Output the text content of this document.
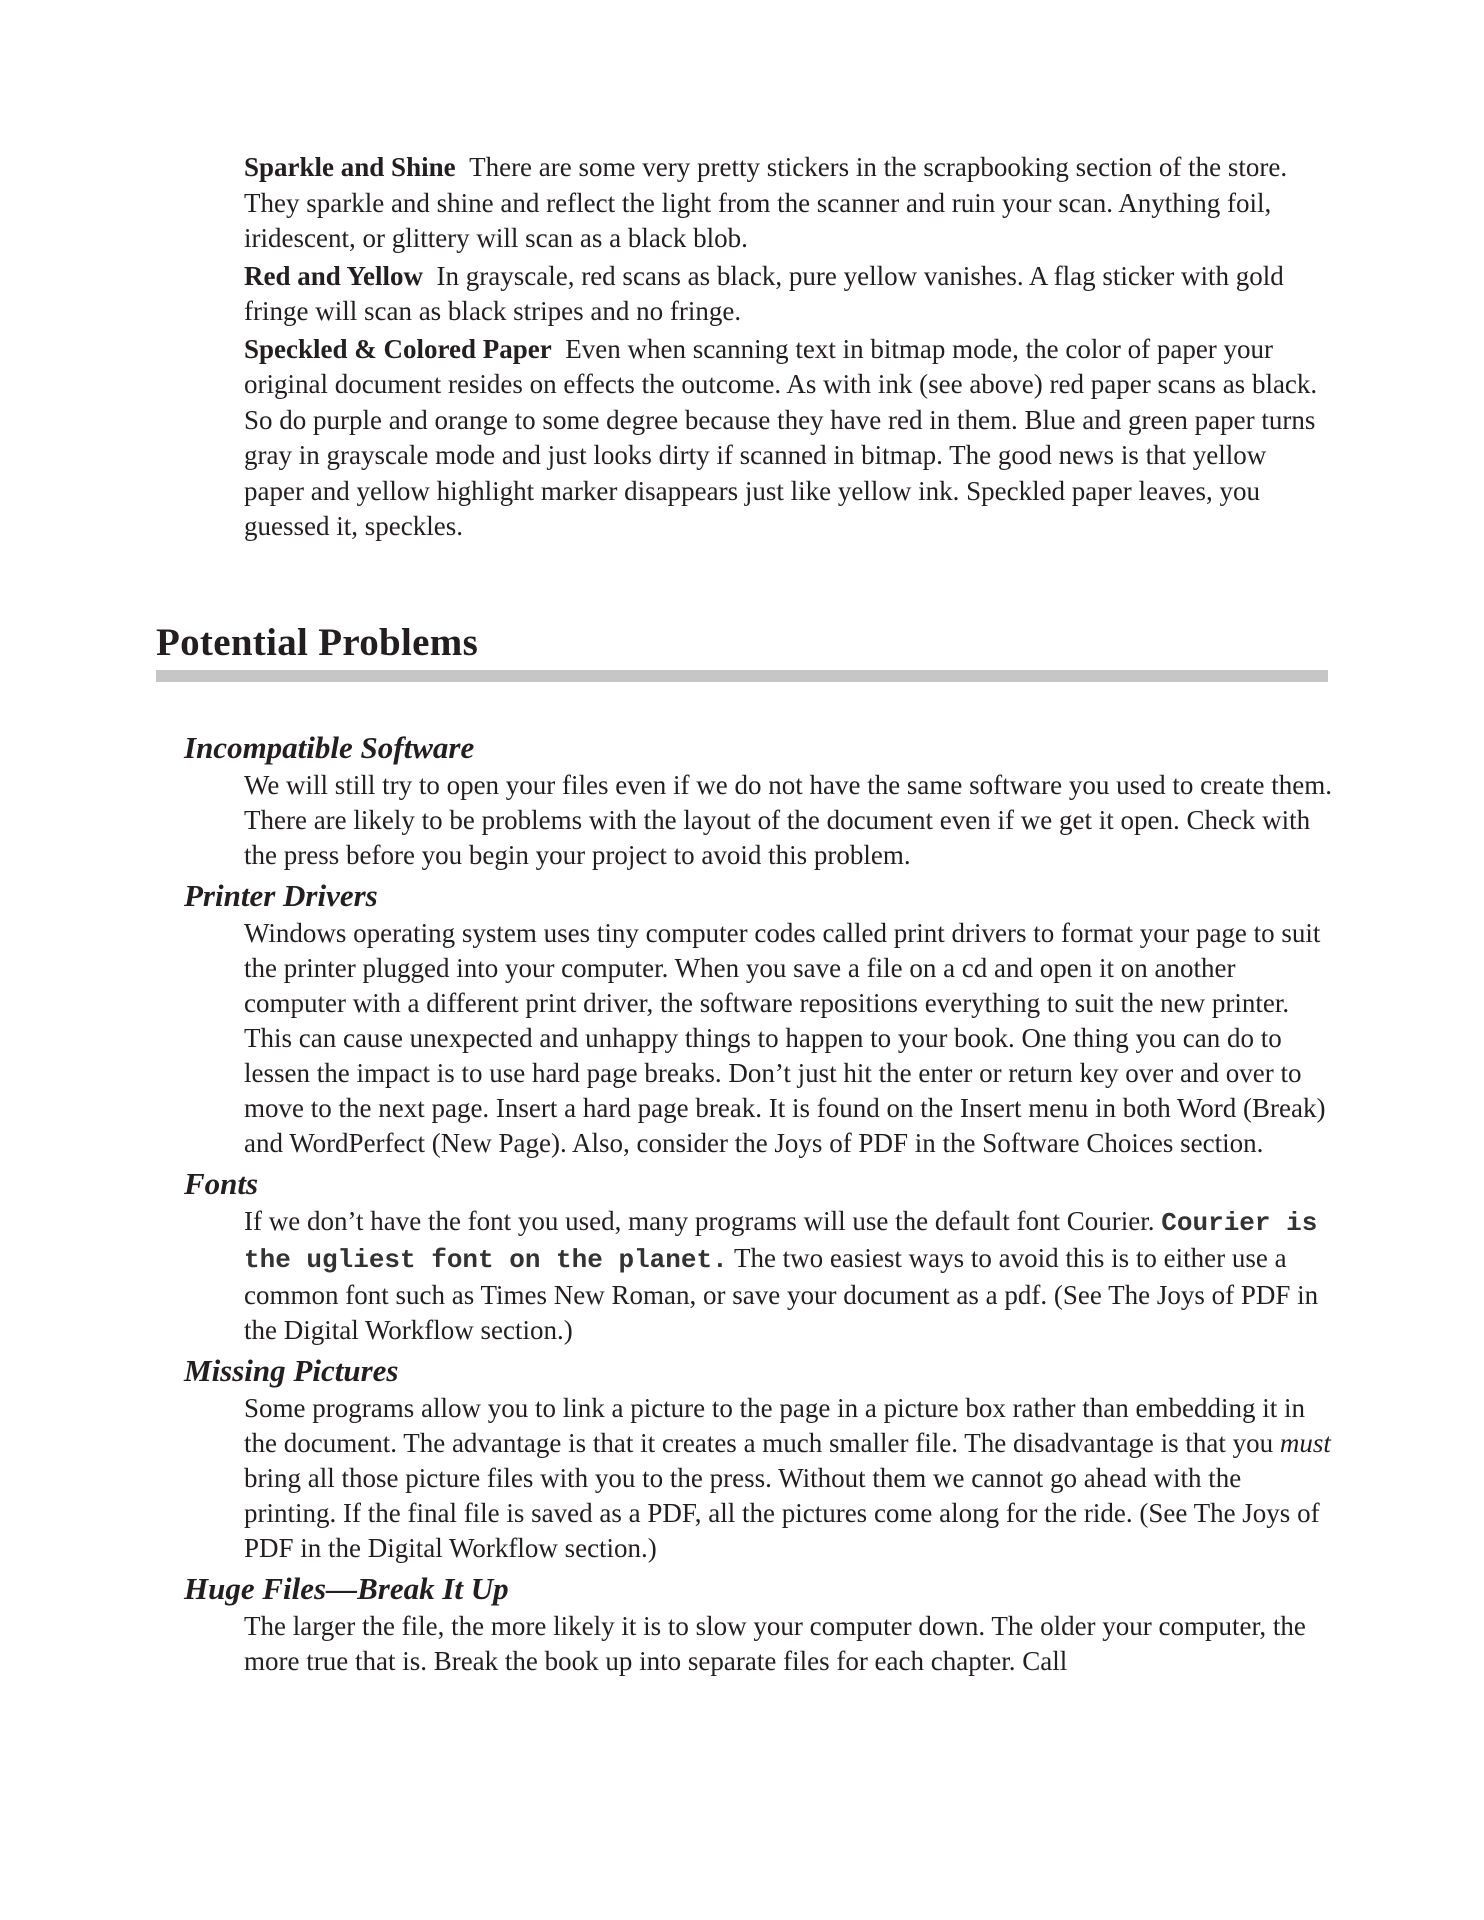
Sparkle and Shine There are some very pretty stickers in the scrapbooking section of the store. They sparkle and shine and reflect the light from the scanner and ruin your scan. Anything foil, iridescent, or glittery will scan as a black blob.

Red and Yellow In grayscale, red scans as black, pure yellow vanishes. A flag sticker with gold fringe will scan as black stripes and no fringe.

Speckled & Colored Paper Even when scanning text in bitmap mode, the color of paper your original document resides on effects the outcome. As with ink (see above) red paper scans as black. So do purple and orange to some degree because they have red in them. Blue and green paper turns gray in grayscale mode and just looks dirty if scanned in bitmap. The good news is that yellow paper and yellow highlight marker disappears just like yellow ink. Speckled paper leaves, you guessed it, speckles.

Potential Problems
Incompatible Software

We will still try to open your files even if we do not have the same software you used to create them. There are likely to be problems with the layout of the document even if we get it open. Check with the press before you begin your project to avoid this problem.

Printer Drivers

Windows operating system uses tiny computer codes called print drivers to format your page to suit the printer plugged into your computer. When you save a file on a cd and open it on another computer with a different print driver, the software repositions everything to suit the new printer. This can cause unexpected and unhappy things to happen to your book. One thing you can do to lessen the impact is to use hard page breaks. Don’t just hit the enter or return key over and over to move to the next page. Insert a hard page break. It is found on the Insert menu in both Word (Break) and WordPerfect (New Page). Also, consider the Joys of PDF in the Software Choices section.

Fonts

If we don’t have the font you used, many programs will use the default font Courier. Courier is the ugliest font on the planet. The two easiest ways to avoid this is to either use a common font such as Times New Roman, or save your document as a pdf. (See The Joys of PDF in the Digital Workflow section.)

Missing Pictures

Some programs allow you to link a picture to the page in a picture box rather than embedding it in the document. The advantage is that it creates a much smaller file. The disadvantage is that you must bring all those picture files with you to the press. Without them we cannot go ahead with the printing. If the final file is saved as a PDF, all the pictures come along for the ride. (See The Joys of PDF in the Digital Workflow section.)

Huge Files—Break It Up

The larger the file, the more likely it is to slow your computer down. The older your computer, the more true that is. Break the book up into separate files for each chapter. Call
